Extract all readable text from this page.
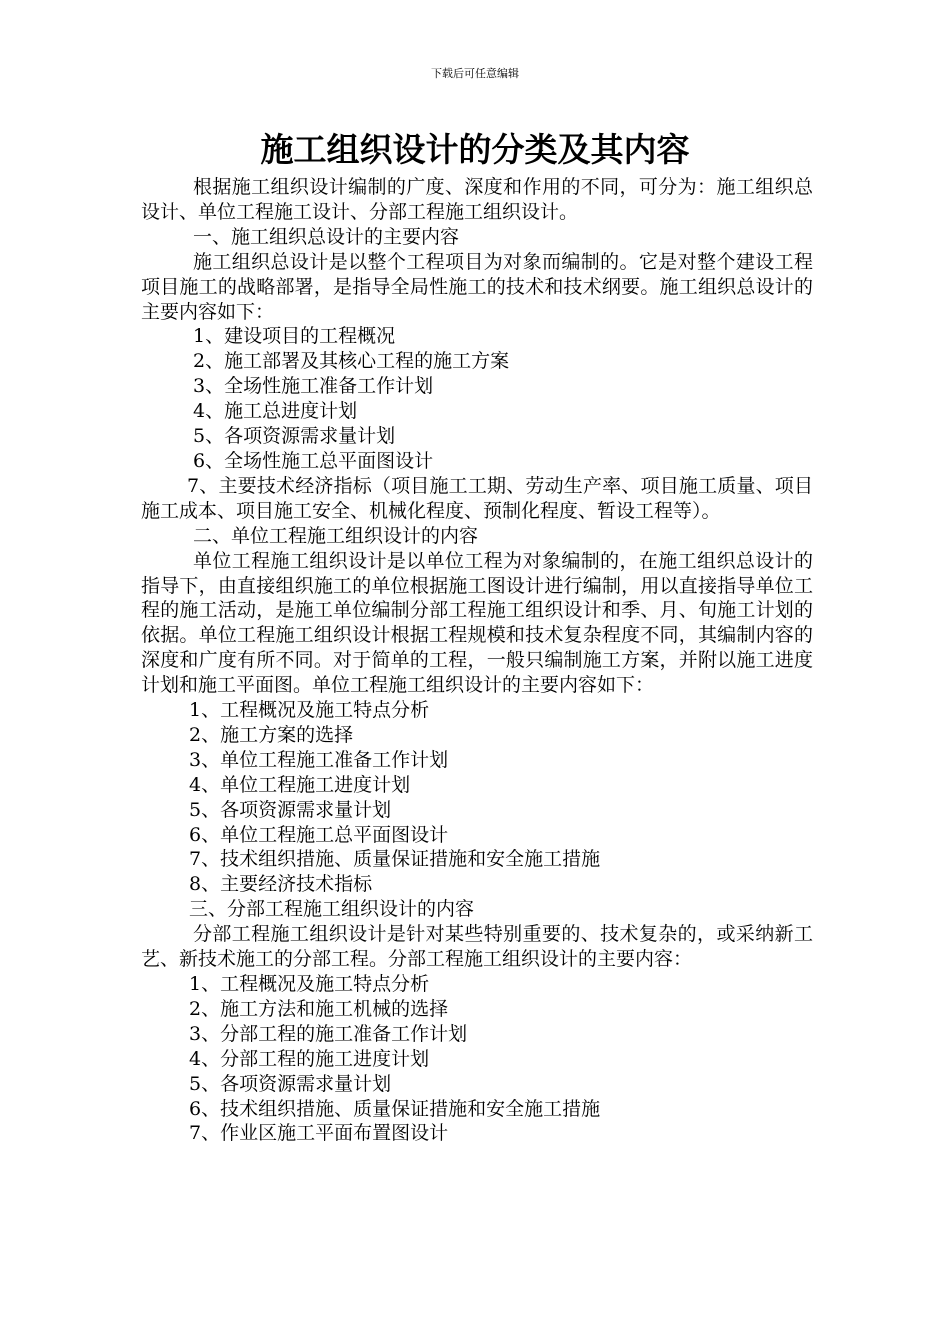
下载后可任意编辑
施工组织设计的分类及其内容

根据施工组织设计编制的广度、深度和作用的不同，可分为：施工组织总设计、单位工程施工设计、分部工程施工组织设计。

一、施工组织总设计的主要内容

施工组织总设计是以整个工程项目为对象而编制的。它是对整个建设工程项目施工的战略部署，是指导全局性施工的技术和技术纲要。施工组织总设计的主要内容如下：

1、建设项目的工程概况

2、施工部署及其核心工程的施工方案

3、全场性施工准备工作计划

4、施工总进度计划

5、各项资源需求量计划

6、全场性施工总平面图设计

7、主要技术经济指标（项目施工工期、劳动生产率、项目施工质量、项目施工成本、项目施工安全、机械化程度、预制化程度、暂设工程等）。

二、单位工程施工组织设计的内容

单位工程施工组织设计是以单位工程为对象编制的，在施工组织总设计的指导下，由直接组织施工的单位根据施工图设计进行编制，用以直接指导单位工程的施工活动，是施工单位编制分部工程施工组织设计和季、月、旬施工计划的依据。单位工程施工组织设计根据工程规模和技术复杂程度不同，其编制内容的深度和广度有所不同。对于简单的工程，一般只编制施工方案，并附以施工进度计划和施工平面图。单位工程施工组织设计的主要内容如下：

1、工程概况及施工特点分析

2、施工方案的选择

3、单位工程施工准备工作计划

4、单位工程施工进度计划

5、各项资源需求量计划

6、单位工程施工总平面图设计

7、技术组织措施、质量保证措施和安全施工措施

8、主要经济技术指标

三、分部工程施工组织设计的内容

分部工程施工组织设计是针对某些特别重要的、技术复杂的，或采纳新工艺、新技术施工的分部工程。分部工程施工组织设计的主要内容：

1、工程概况及施工特点分析

2、施工方法和施工机械的选择

3、分部工程的施工准备工作计划

4、分部工程的施工进度计划

5、各项资源需求量计划

6、技术组织措施、质量保证措施和安全施工措施

7、作业区施工平面布置图设计
